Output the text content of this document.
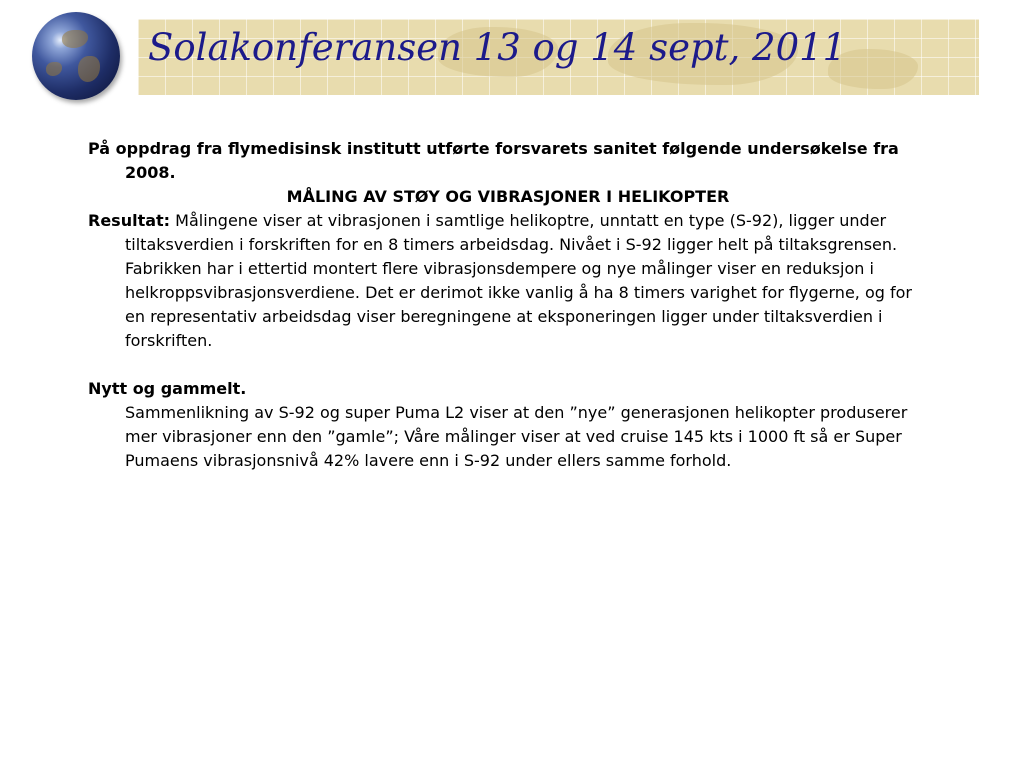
Solakonferansen 13 og 14 sept, 2011

På oppdrag fra flymedisinsk institutt utførte forsvarets sanitet følgende undersøkelse fra 2008.

MÅLING AV STØY OG VIBRASJONER I HELIKOPTER

Resultat: Målingene viser at vibrasjonen i samtlige helikoptre, unntatt en type (S-92), ligger under tiltaksverdien i forskriften for en 8 timers arbeidsdag. Nivået i S-92 ligger helt på tiltaksgrensen. Fabrikken har i ettertid montert flere vibrasjonsdempere og nye målinger viser en reduksjon i helkroppsvibrasjonsverdiene. Det er derimot ikke vanlig å ha 8 timers varighet for flygerne, og for en representativ arbeidsdag viser beregningene at eksponeringen ligger under tiltaksverdien i forskriften.

Nytt og gammelt.

Sammenlikning av S-92 og super Puma L2 viser at den ”nye” generasjonen helikopter produserer mer vibrasjoner enn den ”gamle”; Våre målinger viser at ved cruise 145 kts i 1000 ft så er Super Pumaens vibrasjonsnivå 42% lavere enn i S-92 under ellers samme forhold.
